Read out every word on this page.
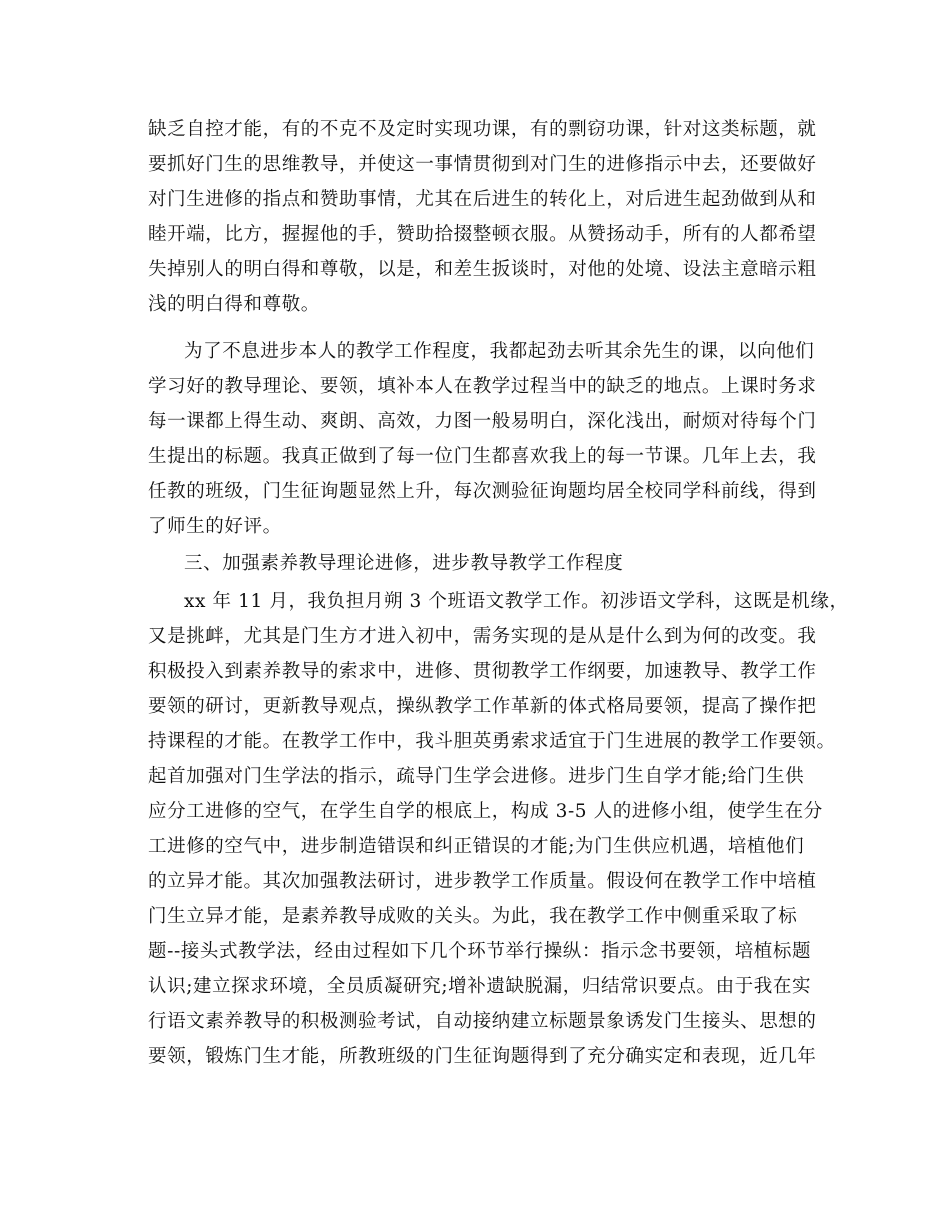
缺乏自控才能，有的不克不及定时实现功课，有的剽窃功课，针对这类标题，就
要抓好门生的思维教导，并使这一事情贯彻到对门生的进修指示中去，还要做好
对门生进修的指点和赞助事情，尤其在后进生的转化上，对后进生起劲做到从和
睦开端，比方，握握他的手，赞助拾掇整顿衣服。从赞扬动手，所有的人都希望
失掉别人的明白得和尊敬，以是，和差生扳谈时，对他的处境、设法主意暗示粗
浅的明白得和尊敬。
为了不息进步本人的教学工作程度，我都起劲去听其余先生的课，以向他们
学习好的教导理论、要领，填补本人在教学过程当中的缺乏的地点。上课时务求
每一课都上得生动、爽朗、高效，力图一般易明白，深化浅出，耐烦对待每个门
生提出的标题。我真正做到了每一位门生都喜欢我上的每一节课。几年上去，我
任教的班级，门生征询题显然上升，每次测验征询题均居全校同学科前线，得到
了师生的好评。
三、加强素养教导理论进修，进步教导教学工作程度
xx 年 11 月，我负担月朔 3 个班语文教学工作。初涉语文学科，这既是机缘，
又是挑衅，尤其是门生方才进入初中，需务实现的是从是什么到为何的改变。我
积极投入到素养教导的索求中，进修、贯彻教学工作纲要，加速教导、教学工作
要领的研讨，更新教导观点，操纵教学工作革新的体式格局要领，提高了操作把
持课程的才能。在教学工作中，我斗胆英勇索求适宜于门生进展的教学工作要领。
起首加强对门生学法的指示，疏导门生学会进修。进步门生自学才能;给门生供
应分工进修的空气，在学生自学的根底上，构成 3-5 人的进修小组，使学生在分
工进修的空气中，进步制造错误和纠正错误的才能;为门生供应机遇，培植他们
的立异才能。其次加强教法研讨，进步教学工作质量。假设何在教学工作中培植
门生立异才能，是素养教导成败的关头。为此，我在教学工作中侧重采取了标
题--接头式教学法，经由过程如下几个环节举行操纵：指示念书要领，培植标题
认识;建立探求环境，全员质凝研究;增补遗缺脱漏，归结常识要点。由于我在实
行语文素养教导的积极测验考试，自动接纳建立标题景象诱发门生接头、思想的
要领，锻炼门生才能，所教班级的门生征询题得到了充分确实定和表现，近几年
